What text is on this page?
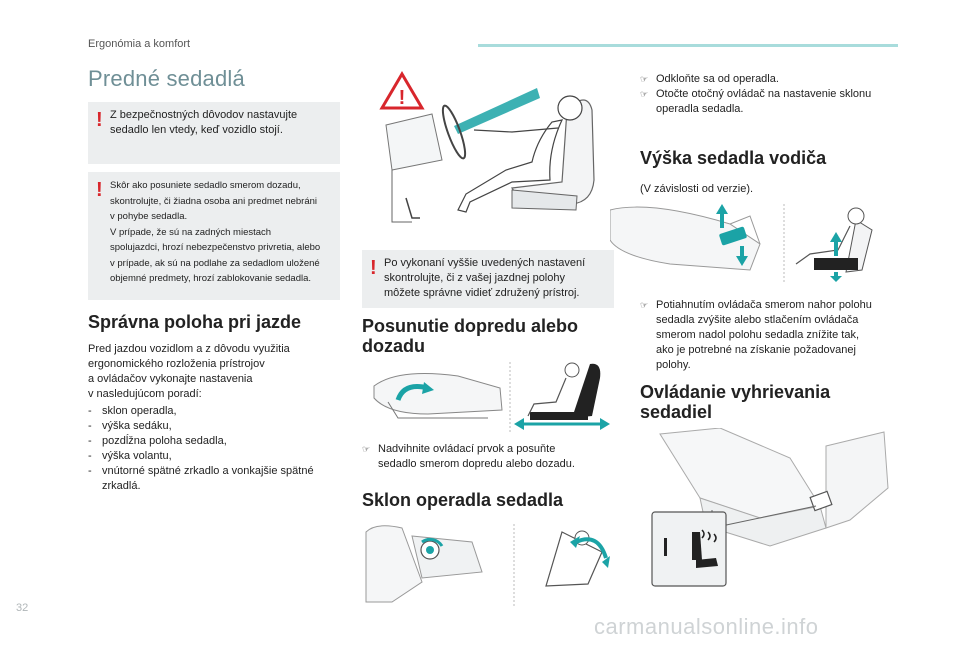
Ergonómia a komfort
Predné sedadlá
! Z bezpečnostných dôvodov nastavujte
sedadlo len vtedy, keď vozidlo stojí.
! Skôr ako posuniete sedadlo smerom dozadu,
skontrolujte, či žiadna osoba ani predmet nebráni
v pohybe sedadla.
V prípade, že sú na zadných miestach
spolujazdci, hrozí nebezpečenstvo privretia, alebo
v prípade, ak sú na podlahe za sedadlom uložené
objemné predmety, hrozí zablokovanie sedadla.
Správna poloha pri jazde
Pred jazdou vozidlom a z dôvodu využitia
ergonomického rozloženia prístrojov
a ovládačov vykonajte nastavenia
v nasledujúcom poradí:
- sklon operadla,
- výška sedáku,
- pozdĺžna poloha sedadla,
- výška volantu,
- vnútorné spätné zrkadlo a vonkajšie spätné
zrkadlá.
!
! Po vykonaní vyššie uvedených nastavení
skontrolujte, či z vašej jazdnej polohy
môžete správne vidieť združený prístroj.
Posunutie dopredu alebo
dozadu
☞ Nadvihnite ovládací prvok a posuňte
sedadlo smerom dopredu alebo dozadu.
Sklon operadla sedadla
☞ Odkloňte sa od operadla.
☞ Otočte otočný ovládač na nastavenie sklonu
operadla sedadla.
Výška sedadla vodiča
(V závislosti od verzie).
☞ Potiahnutím ovládača smerom nahor polohu
sedadla zvýšite alebo stlačením ovládača
smerom nadol polohu sedadla znížite tak,
ako je potrebné na získanie požadovanej
polohy.
Ovládanie vyhrievania
sedadiel
32
carmanualsonline.info
